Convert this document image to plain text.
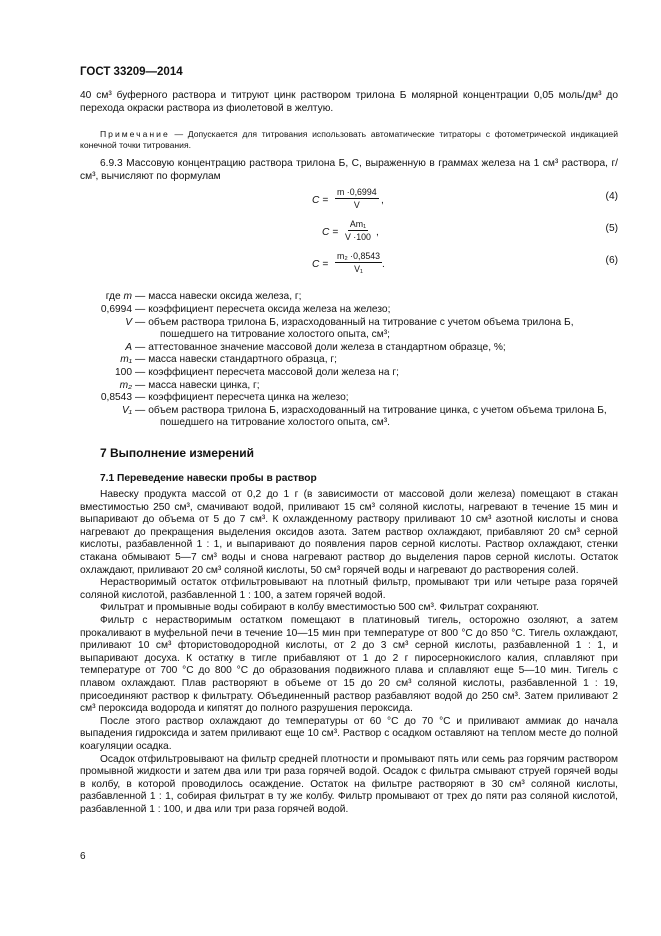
ГОСТ 33209—2014

40 см³ буферного раствора и титруют цинк раствором трилона Б молярной концентрации 0,05 моль/дм³ до перехода окраски раствора из фиолетовой в желтую.

Примечание — Допускается для титрования использовать автоматические титраторы с фотометрической индикацией конечной точки титрования.

6.9.3 Массовую концентрацию раствора трилона Б, C, выраженную в граммах железа на 1 см³ раствора, г/см³, вычисляют по формулам

$C = \frac{m \cdot 0,6994}{V}$ ,	(4)
$C = \frac{\text{Am₁}}{V \cdot 100}$ ,	(5)
$C = \frac{\text{m₂ ·0,8543}}{\text{V₁}}$ .	(6)
где m — масса навески оксида железа, г;
0,6994 — коэффициент пересчета оксида железа на железо;
V — объем раствора трилона Б, израсходованный на титрование с учетом объема трилона Б,
пошедшего на титрование холостого опыта, см³;
A — аттестованное значение массовой доли железа в стандартном образце, %;
m₁ — масса навески стандартного образца, г;
100 — коэффициент пересчета массовой доли железа на г;
m₂ — масса навески цинка, г;
0,8543 — коэффициент пересчета цинка на железо;
V₁ — объем раствора трилона Б, израсходованный на титрование цинка, с учетом объема трилона Б,
пошедшего на титрование холостого опыта, см³.
7 Выполнение измерений
7.1 Переведение навески пробы в раствор

Навеску продукта массой от 0,2 до 1 г (в зависимости от массовой доли железа) помещают в стакан вместимостью 250 см³, смачивают водой, приливают 15 см³ соляной кислоты, нагревают в течение 15 мин и выпаривают до объема от 5 до 7 см³. К охлажденному раствору приливают 10 см³ азотной кислоты и снова нагревают до прекращения выделения оксидов азота. Затем раствор охлаждают, прибавляют 20 см³ серной кислоты, разбавленной 1 : 1, и выпаривают до появления паров серной кислоты. Раствор охлаждают, стенки стакана обмывают 5—7 см³ воды и снова нагревают раствор до выделения паров серной кислоты. Остаток охлаждают, приливают 20 см³ соляной кислоты, 50 см³ горячей воды и нагревают до растворения солей.

Нерастворимый остаток отфильтровывают на плотный фильтр, промывают три или четыре раза горячей соляной кислотой, разбавленной 1 : 100, а затем горячей водой.

Фильтрат и промывные воды собирают в колбу вместимостью 500 см³. Фильтрат сохраняют.

Фильтр с нерастворимым остатком помещают в платиновый тигель, осторожно озоляют, а затем прокаливают в муфельной печи в течение 10—15 мин при температуре от 800 °С до 850 °С. Тигель охлаждают, приливают 10 см³ фтористоводородной кислоты, от 2 до 3 см³ серной кислоты, разбавленной 1 : 1, и выпаривают досуха. К остатку в тигле прибавляют от 1 до 2 г пиросернокислого калия, сплавляют при температуре от 700 °С до 800 °С до образования подвижного плава и сплавляют еще 5—10 мин. Тигель с плавом охлаждают. Плав растворяют в объеме от 15 до 20 см³ соляной кислоты, разбавленной 1 : 19, присоединяют раствор к фильтрату. Объединенный раствор разбавляют водой до 250 см³. Затем приливают 2 см³ пероксида водорода и кипятят до полного разрушения пероксида.

После этого раствор охлаждают до температуры от 60 °С до 70 °С и приливают аммиак до начала выпадения гидроксида и затем приливают еще 10 см³. Раствор с осадком оставляют на теплом месте до полной коагуляции осадка.

Осадок отфильтровывают на фильтр средней плотности и промывают пять или семь раз горячим раствором промывной жидкости и затем два или три раза горячей водой. Осадок с фильтра смывают струей горячей воды в колбу, в которой проводилось осаждение. Остаток на фильтре растворяют в 30 см³ соляной кислоты, разбавленной 1 : 1, собирая фильтрат в ту же колбу. Фильтр промывают от трех до пяти раз соляной кислотой, разбавленной 1 : 100, и два или три раза горячей водой.

6
